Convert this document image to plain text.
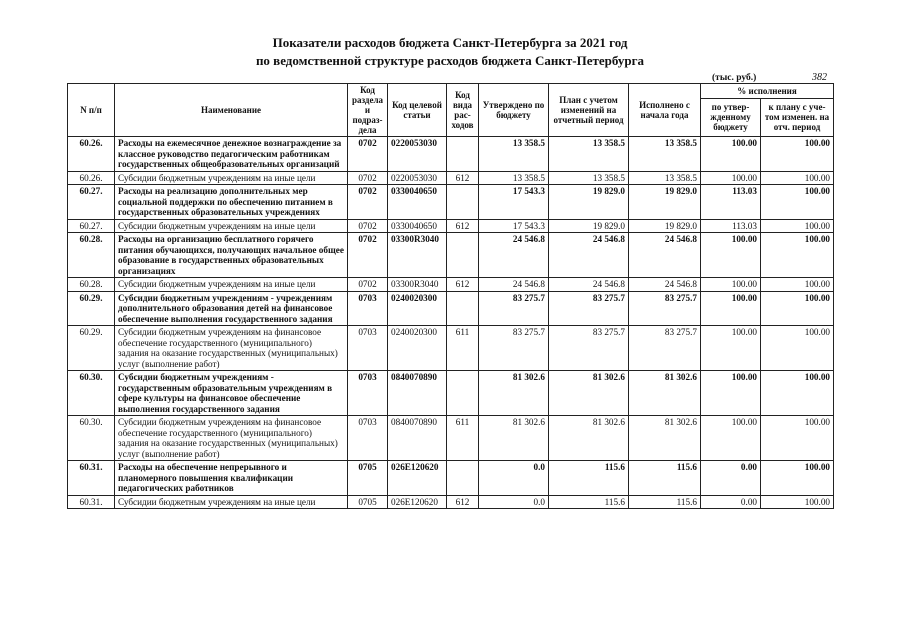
Показатели расходов бюджета Санкт-Петербурга за 2021 год
по ведомственной структуре расходов бюджета Санкт-Петербурга
(тыс. руб.)	382
N п/п	Наименование	Код раздела и подраз-дела	Код целевой статьи	Код вида рас-ходов	Утверждено по бюджету	План с учетом изменений на отчетный период	Исполнено с начала года	% исполнения	
								по утвер-жденному бюджету	к плану с уче-том изменен. на отч. период
60.26.	Расходы на ежемесячное денежное вознаграждение за классное руководство педагогическим работникам государственных общеобразовательных организаций	0702	0220053030		13 358.5	13 358.5	13 358.5	100.00	100.00
60.26.	Субсидии бюджетным учреждениям на иные цели	0702	0220053030	612	13 358.5	13 358.5	13 358.5	100.00	100.00
60.27.	Расходы на реализацию дополнительных мер социальной поддержки по обеспечению питанием в государственных образовательных учреждениях	0702	0330040650		17 543.3	19 829.0	19 829.0	113.03	100.00
60.27.	Субсидии бюджетным учреждениям на иные цели	0702	0330040650	612	17 543.3	19 829.0	19 829.0	113.03	100.00
60.28.	Расходы на организацию бесплатного горячего питания обучающихся, получающих начальное общее образование в государственных образовательных организациях	0702	03300R3040		24 546.8	24 546.8	24 546.8	100.00	100.00
60.28.	Субсидии бюджетным учреждениям на иные цели	0702	03300R3040	612	24 546.8	24 546.8	24 546.8	100.00	100.00
60.29.	Субсидии бюджетным учреждениям - учреждениям дополнительного образования детей на финансовое обеспечение выполнения государственного задания	0703	0240020300		83 275.7	83 275.7	83 275.7	100.00	100.00
60.29.	Субсидии бюджетным учреждениям на финансовое обеспечение государственного (муниципального) задания на оказание государственных (муниципальных) услуг (выполнение работ)	0703	0240020300	611	83 275.7	83 275.7	83 275.7	100.00	100.00
60.30.	Субсидии бюджетным учреждениям - государственным образовательным учреждениям в сфере культуры на финансовое обеспечение выполнения государственного задания	0703	0840070890		81 302.6	81 302.6	81 302.6	100.00	100.00
60.30.	Субсидии бюджетным учреждениям на финансовое обеспечение государственного (муниципального) задания на оказание государственных (муниципальных) услуг (выполнение работ)	0703	0840070890	611	81 302.6	81 302.6	81 302.6	100.00	100.00
60.31.	Расходы на обеспечение непрерывного и планомерного повышения квалификации педагогических работников	0705	026E120620		0.0	115.6	115.6	0.00	100.00
60.31.	Субсидии бюджетным учреждениям на иные цели	0705	026E120620	612	0.0	115.6	115.6	0.00	100.00
